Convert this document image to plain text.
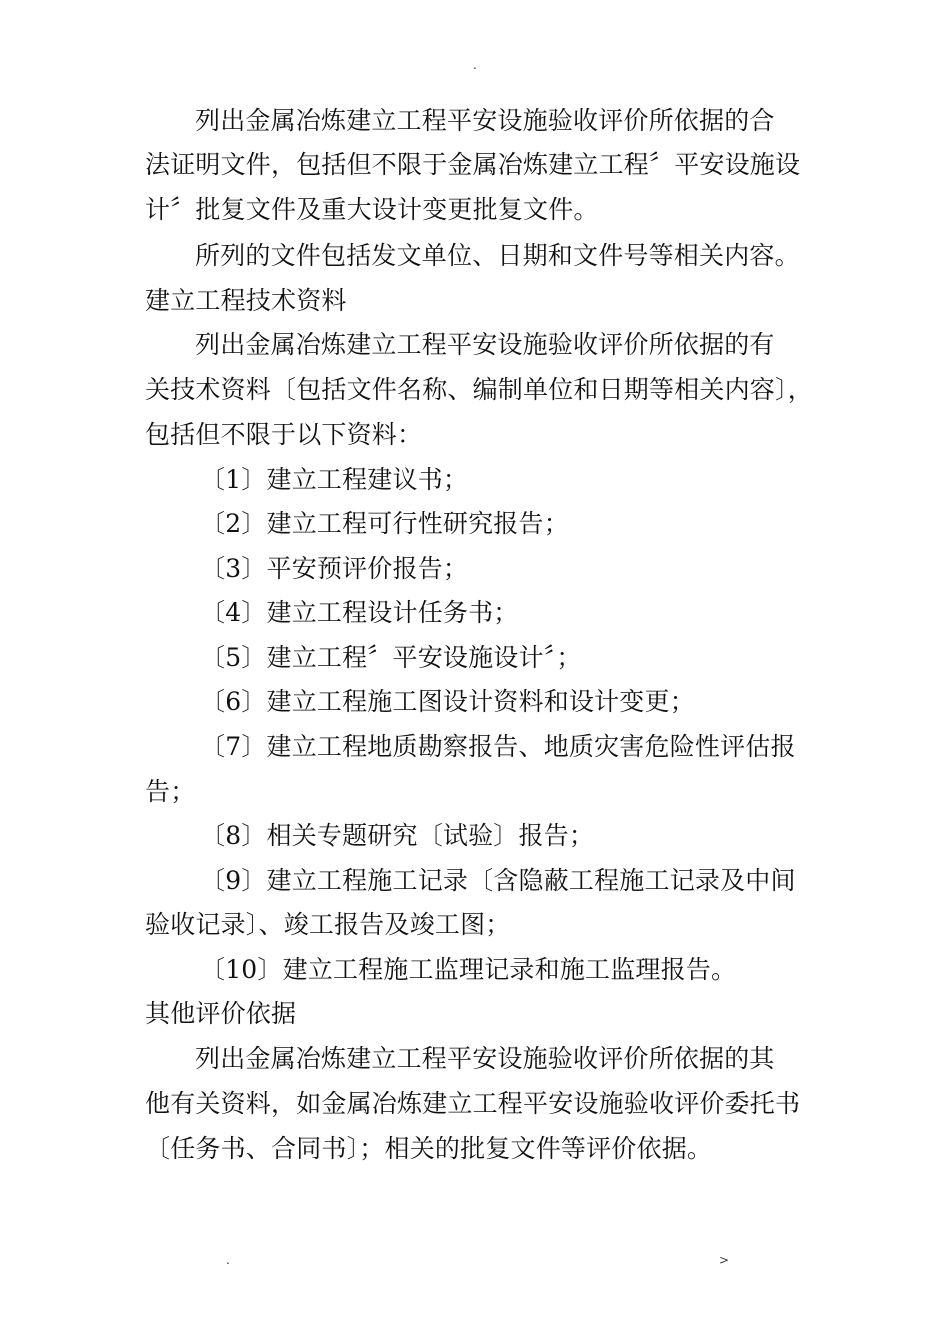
.
列出金属冶炼建立工程平安设施验收评价所依据的合
法证明文件，包括但不限于金属冶炼建立工程〞平安设施设
计〞批复文件及重大设计变更批复文件。
所列的文件包括发文单位、日期和文件号等相关内容。
建立工程技术资料
列出金属冶炼建立工程平安设施验收评价所依据的有
关技术资料〔包括文件名称、编制单位和日期等相关内容〕，
包括但不限于以下资料：
〔1〕建立工程建议书；
〔2〕建立工程可行性研究报告；
〔3〕平安预评价报告；
〔4〕建立工程设计任务书；
〔5〕建立工程〞平安设施设计〞；
〔6〕建立工程施工图设计资料和设计变更；
〔7〕建立工程地质勘察报告、地质灾害危险性评估报
告；
〔8〕相关专题研究〔试验〕报告；
〔9〕建立工程施工记录〔含隐蔽工程施工记录及中间
验收记录〕、竣工报告及竣工图；
〔10〕建立工程施工监理记录和施工监理报告。
其他评价依据
列出金属冶炼建立工程平安设施验收评价所依据的其
他有关资料，如金属冶炼建立工程平安设施验收评价委托书
〔任务书、合同书〕；相关的批复文件等评价依据。
.	>
